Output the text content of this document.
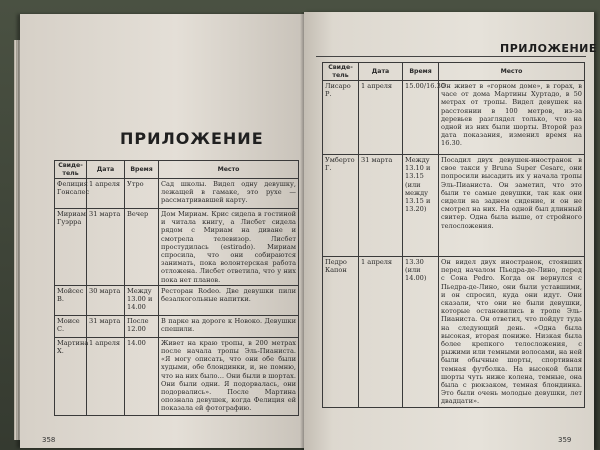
ПРИЛОЖЕНИЕ
Свиде-тель	Дата	Время	Место
Фелиция Гонсалес	1 апреля	Утро	Сад школы. Видел одну девушку, лежащей в гамаке, это рухе — рассматривавшей карту.
Мириам Гуэрра	31 марта	Вечер	Дом Мириам. Крис сидела в гостиной и читала книгу, а Лисбет сидела рядом с Мириам на диване и смотрела телевизор. Лисбет простудилась (estirado). Мириам спросила, что они собираются занимать, пока волонтерская работа отложена. Лисбет ответила, что у них пока нет планов.
Мойсес В.	30 марта	Между 13.00 и 14.00	Ресторан Rodeo. Две девушки пили безалкогольные напитки.
Моисе С.	31 марта	После 12.00	В парке на дороге к Новоко. Девушки спешили.
Мартина Х.	1 апреля	14.00	Живет на краю тропы, в 200 метрах после начала тропы Эль-Пианиста. «Я могу описать, что они обе были худыми, обе блондинки, и, не помню, что на них было… Они были в шортах. Они были одни. Я подорвалась, они подорвались». После Мартина опознала девушек, когда Фелиция ей показала ей фотографию.
358
ПРИЛОЖЕНИЕ
Свиде-тель	Дата	Время	Место
Лисаро Р.	1 апреля	15.00/16.30	Он живет в «горном доме», в горах, в часе от дома Мартины Хуртадо, в 50 метрах от тропы. Видел девушек на расстоянии в 100 метров, из-за деревьев разглядел только, что на одной из них были шорты. Второй раз дата показания, изменил время на 16.30.
Умберто Г.	31 марта	Между 13.10 и 13.15 (или между 13.15 и 13.20)	Посадил двух девушек-иностранок в свое такси у Bruna Super Cesarc, они попросили высадить их у начала тропы Эль-Пианиста. Он заметил, что это были те самые девушки, так как они сидели на заднем сидение, и он не смотрел на них. На одной был длинный свитер. Одна была выше, от стройного телосложения.
Педро Капон	1 апреля	13.30 (или 14.00)	Он видел двух иностранок, стоявших перед началом Пьедра-де-Лино, перед с Сона Pedro. Когда он вернулся с Пьедра-де-Лино, они были уставшими, и он спросил, куда они идут. Они сказали, что они не были девушки, которые остановились в тропе Эль-Пианиста. Он ответил, что пойдут туда на следующий день. «Одна была высокая, вторая пониже. Низкая была более крепкого телосложения, с рыжими или темными волосами, на ней были обычные шорты, спортивная темная футболка. На высокой были шорты чуть ниже колена, темные, она была с рюкзаком, темная блондинка. Это были очень молодые девушки, лет двадцати».
359
